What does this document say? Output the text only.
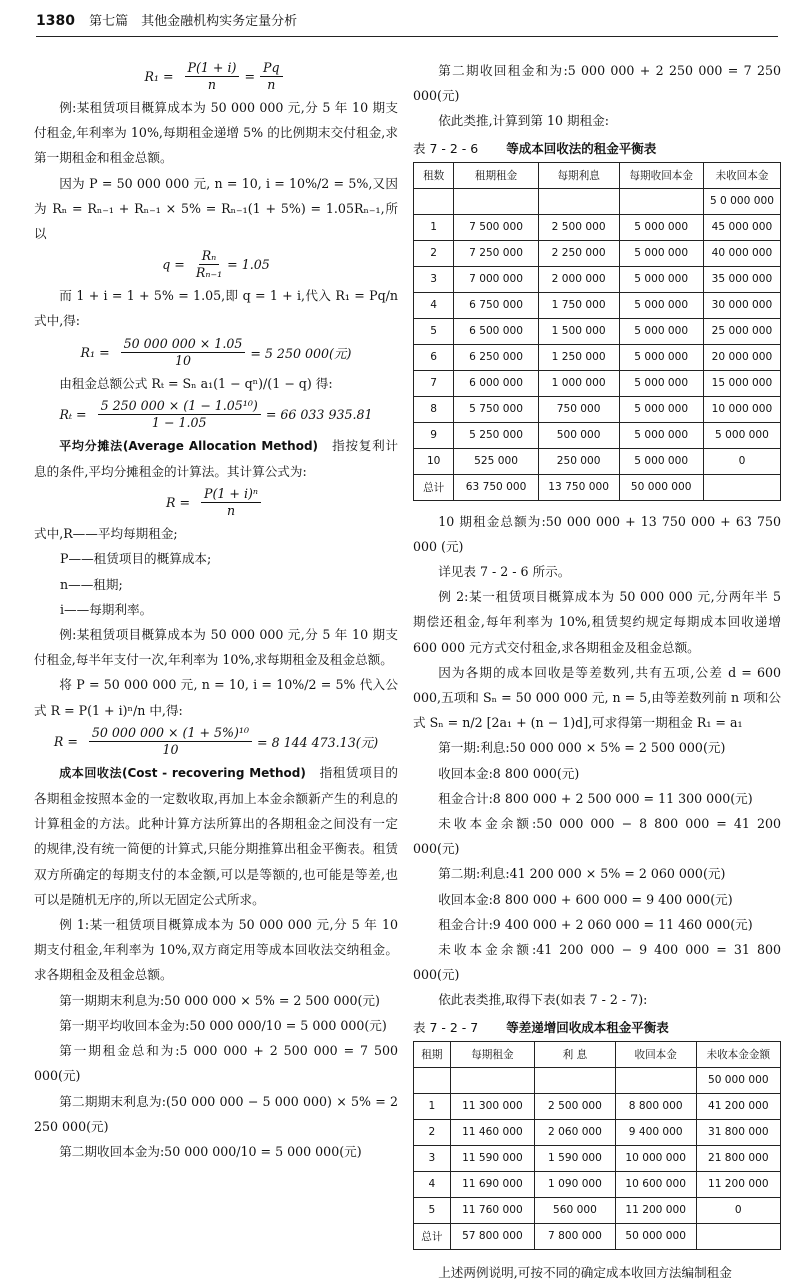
1380 第七篇　其他金融机构实务定量分析
$R_1 = \frac{P(1 + i)}{n} = \frac{Pq}{n}$

例:某租赁项目概算成本为 50 000 000 元,分 5 年 10 期支付租金,年利率为 10%,每期租金递增 5% 的比例期末交付租金,求第一期租金和租金总额。

因为 P = 50 000 000 元, n = 10, i = 10%/2 = 5%,又因为 Rₙ = Rₙ₋₁ + Rₙ₋₁ × 5% = Rₙ₋₁(1 + 5%) = 1.05Rₙ₋₁,所以

$q = \frac{\text{Rₙ}}{\text{Rₙ₋₁}} = 1.05$

而 1 + i = 1 + 5% = 1.05,即 q = 1 + i,代入 R₁ = Pq/n 式中,得:

$R_1 = \frac{50 000 000 \times 1.05}{10} = 5$ 250 000(元)

由租金总额公式 Rₜ = Sₙ a₁(1 − qⁿ)/(1 − q) 得:

$R_t = \frac{\text{5 250 000 × (1 − 1.05¹⁰)}}{1 - 1.05} = 66$ 033 935.81

平均分摊法(Average Allocation Method)　 指按复利计息的条件,平均分摊租金的计算法。其计算公式为:

$R = \frac{\text{P(1 + i)ⁿ}}{n}$

式中,R——平均每期租金;

P——租赁项目的概算成本;

n——租期;

i——每期利率。

例:某租赁项目概算成本为 50 000 000 元,分 5 年 10 期支付租金,每半年支付一次,年利率为 10%,求每期租金及租金总额。

将 P = 50 000 000 元, n = 10, i = 10%/2 = 5% 代入公式 R = P(1 + i)ⁿ/n 中,得:

$R = \frac{\text{50 000 000 × (1 + 5\%)¹⁰}}{10} = 8$ 144 473.13(元)

成本回收法(Cost - recovering Method)　 指租赁项目的各期租金按照本金的一定数收取,再加上本金余额新产生的利息的计算租金的方法。此种计算方法所算出的各期租金之间没有一定的规律,没有统一简便的计算式,只能分期推算出租金平衡表。租赁双方所确定的每期支付的本金额,可以是等额的,也可能是等差,也可以是随机无序的,所以无固定公式所求。

例 1:某一租赁项目概算成本为 50 000 000 元,分 5 年 10 期支付租金,年利率为 10%,双方商定用等成本回收法交纳租金。求各期租金及租金总额。

第一期期末利息为:50 000 000 × 5% = 2 500 000(元)

第一期平均收回本金为:50 000 000/10 = 5 000 000(元)

第一期租金总和为:5 000 000 + 2 500 000 = 7 500 000(元)

第二期期末利息为:(50 000 000 − 5 000 000) × 5% = 2 250 000(元)

第二期收回本金为:50 000 000/10 = 5 000 000(元)

第二期收回租金和为:5 000 000 + 2 250 000 = 7 250 000(元)

依此类推,计算到第 10 期租金:

表 7 - 2 - 6 等成本回收法的租金平衡表
租数	租期租金	每期利息	每期收回本金	未收回本金
				5 0 000 000
1	7 500 000	2 500 000	5 000 000	45 000 000
2	7 250 000	2 250 000	5 000 000	40 000 000
3	7 000 000	2 000 000	5 000 000	35 000 000
4	6 750 000	1 750 000	5 000 000	30 000 000
5	6 500 000	1 500 000	5 000 000	25 000 000
6	6 250 000	1 250 000	5 000 000	20 000 000
7	6 000 000	1 000 000	5 000 000	15 000 000
8	5 750 000	750 000	5 000 000	10 000 000
9	5 250 000	500 000	5 000 000	5 000 000
10	525 000	250 000	5 000 000	0
总计	63 750 000	13 750 000	50 000 000	

10 期租金总额为:50 000 000 + 13 750 000 + 63 750 000 (元)

详见表 7 - 2 - 6 所示。

例 2:某一租赁项目概算成本为 50 000 000 元,分两年半 5 期偿还租金,每年利率为 10%,租赁契约规定每期成本回收递增 600 000 元方式交付租金,求各期租金及租金总额。

因为各期的成本回收是等差数列,共有五项,公差 d = 600 000,五项和 Sₙ = 50 000 000 元, n = 5,由等差数列前 n 项和公式 Sₙ = n/2 [2a₁ + (n − 1)d],可求得第一期租金 R₁ = a₁

第一期:利息:50 000 000 × 5% = 2 500 000(元)

收回本金:8 800 000(元)

租金合计:8 800 000 + 2 500 000 = 11 300 000(元)

未收本金余额:50 000 000 − 8 800 000 = 41 200 000(元)

第二期:利息:41 200 000 × 5% = 2 060 000(元)

收回本金:8 800 000 + 600 000 = 9 400 000(元)

租金合计:9 400 000 + 2 060 000 = 11 460 000(元)

未收本金余额:41 200 000 − 9 400 000 = 31 800 000(元)

依此表类推,取得下表(如表 7 - 2 - 7):

表 7 - 2 - 7 等差递增回收成本租金平衡表
租期	每期租金	利 息	收回本金	未收本金金额
				50 000 000
1	11 300 000	2 500 000	8 800 000	41 200 000
2	11 460 000	2 060 000	9 400 000	31 800 000
3	11 590 000	1 590 000	10 000 000	21 800 000
4	11 690 000	1 090 000	10 600 000	11 200 000
5	11 760 000	560 000	11 200 000	0
总计	57 800 000	7 800 000	50 000 000	

上述两例说明,可按不同的确定成本收回方法编制租金
